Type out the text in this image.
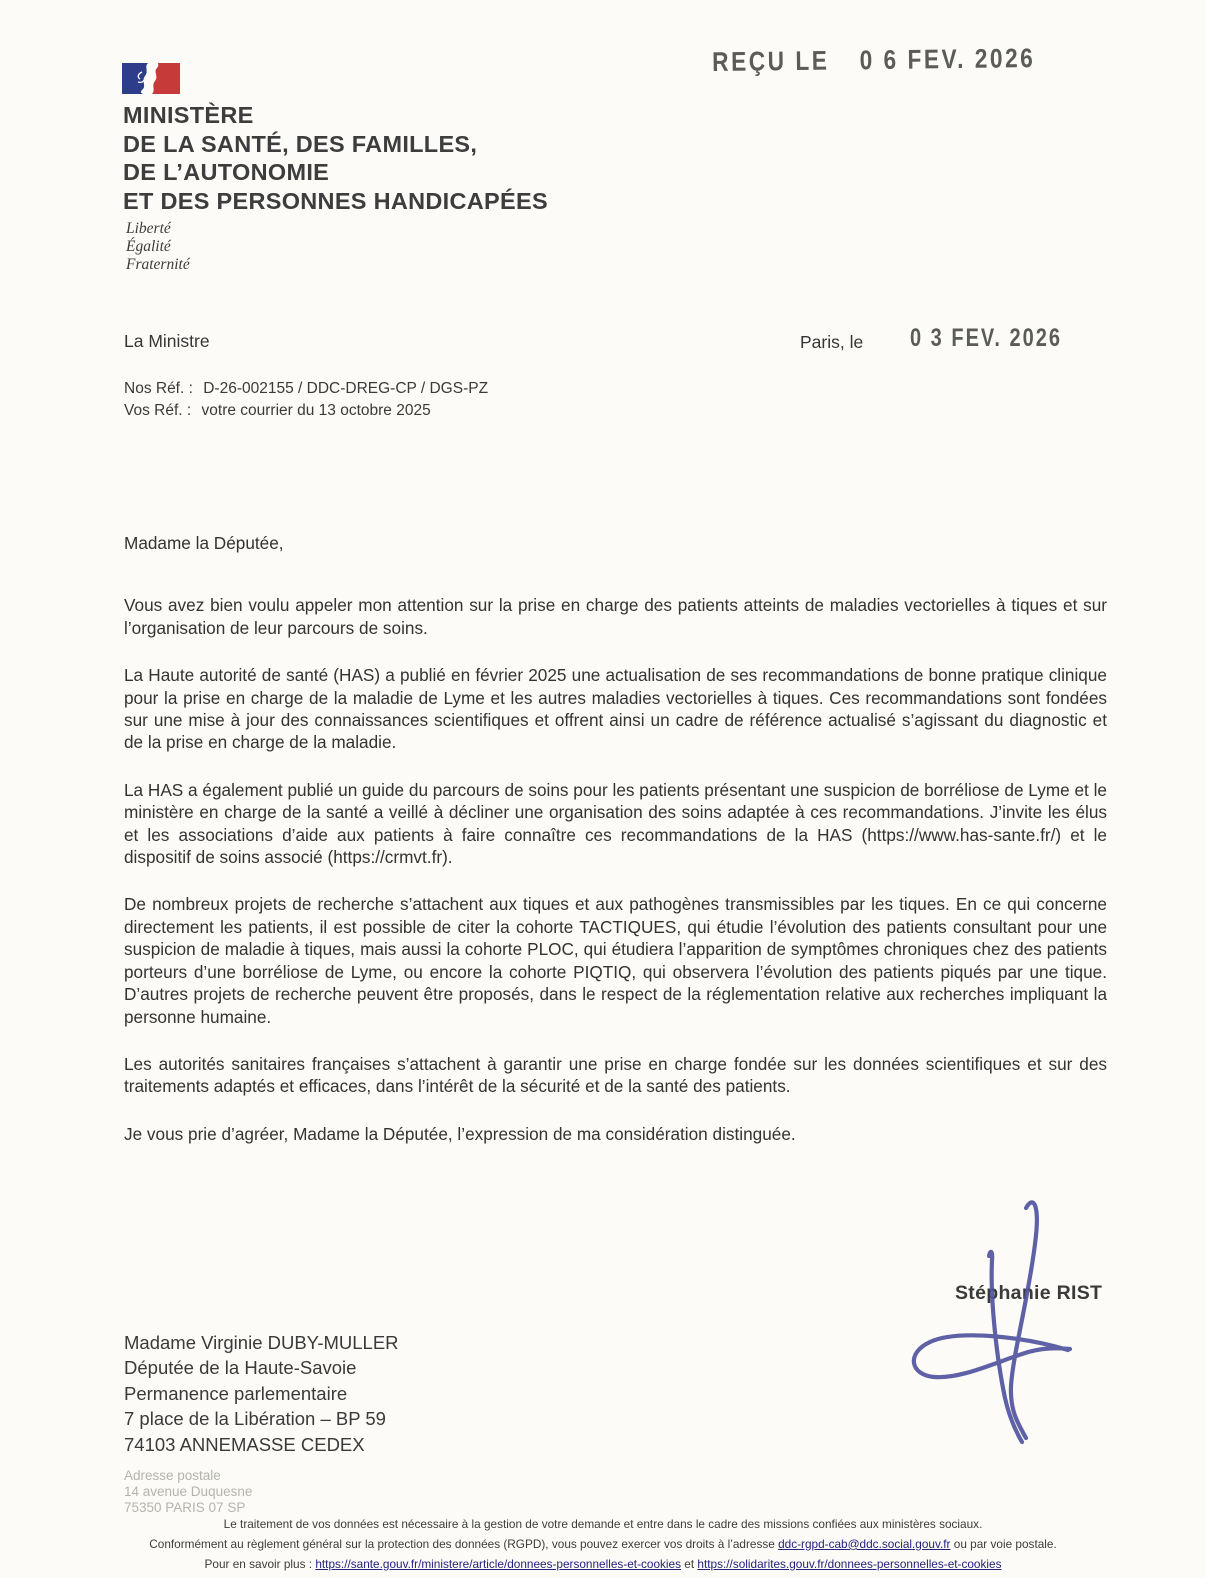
REÇU LE 0 6 FEV. 2026
MINISTÈRE
DE LA SANTÉ, DES FAMILLES,
DE L’AUTONOMIE
ET DES PERSONNES HANDICAPÉES
Liberté
Égalité
Fraternité
La Ministre	Paris, le 0 3 FEV. 2026
Nos Réf. : D-26-002155 / DDC-DREG-CP / DGS-PZ
Vos Réf. : votre courrier du 13 octobre 2025

Madame la Députée,

Vous avez bien voulu appeler mon attention sur la prise en charge des patients atteints de maladies vectorielles à tiques et sur l’organisation de leur parcours de soins.

La Haute autorité de santé (HAS) a publié en février 2025 une actualisation de ses recommandations de bonne pratique clinique pour la prise en charge de la maladie de Lyme et les autres maladies vectorielles à tiques. Ces recommandations sont fondées sur une mise à jour des connaissances scientifiques et offrent ainsi un cadre de référence actualisé s’agissant du diagnostic et de la prise en charge de la maladie.

La HAS a également publié un guide du parcours de soins pour les patients présentant une suspicion de borréliose de Lyme et le ministère en charge de la santé a veillé à décliner une organisation des soins adaptée à ces recommandations. J’invite les élus et les associations d’aide aux patients à faire connaître ces recommandations de la HAS (https://www.has-sante.fr/) et le dispositif de soins associé (https://crmvt.fr).

De nombreux projets de recherche s’attachent aux tiques et aux pathogènes transmissibles par les tiques. En ce qui concerne directement les patients, il est possible de citer la cohorte TACTIQUES, qui étudie l’évolution des patients consultant pour une suspicion de maladie à tiques, mais aussi la cohorte PLOC, qui étudiera l’apparition de symptômes chroniques chez des patients porteurs d’une borréliose de Lyme, ou encore la cohorte PIQTIQ, qui observera l’évolution des patients piqués par une tique. D’autres projets de recherche peuvent être proposés, dans le respect de la réglementation relative aux recherches impliquant la personne humaine.

Les autorités sanitaires françaises s’attachent à garantir une prise en charge fondée sur les données scientifiques et sur des traitements adaptés et efficaces, dans l’intérêt de la sécurité et de la santé des patients.

Je vous prie d’agréer, Madame la Députée, l’expression de ma considération distinguée.

Stéphanie RIST
Madame Virginie DUBY-MULLER
Députée de la Haute-Savoie
Permanence parlementaire
7 place de la Libération – BP 59
74103 ANNEMASSE CEDEX
Adresse postale
14 avenue Duquesne
75350 PARIS 07 SP
Le traitement de vos données est nécessaire à la gestion de votre demande et entre dans le cadre des missions confiées aux ministères sociaux.
Conformément au règlement général sur la protection des données (RGPD), vous pouvez exercer vos droits à l’adresse ddc-rgpd-cab@ddc.social.gouv.fr ou par voie postale.
Pour en savoir plus : https://sante.gouv.fr/ministere/article/donnees-personnelles-et-cookies et https://solidarites.gouv.fr/donnees-personnelles-et-cookies
